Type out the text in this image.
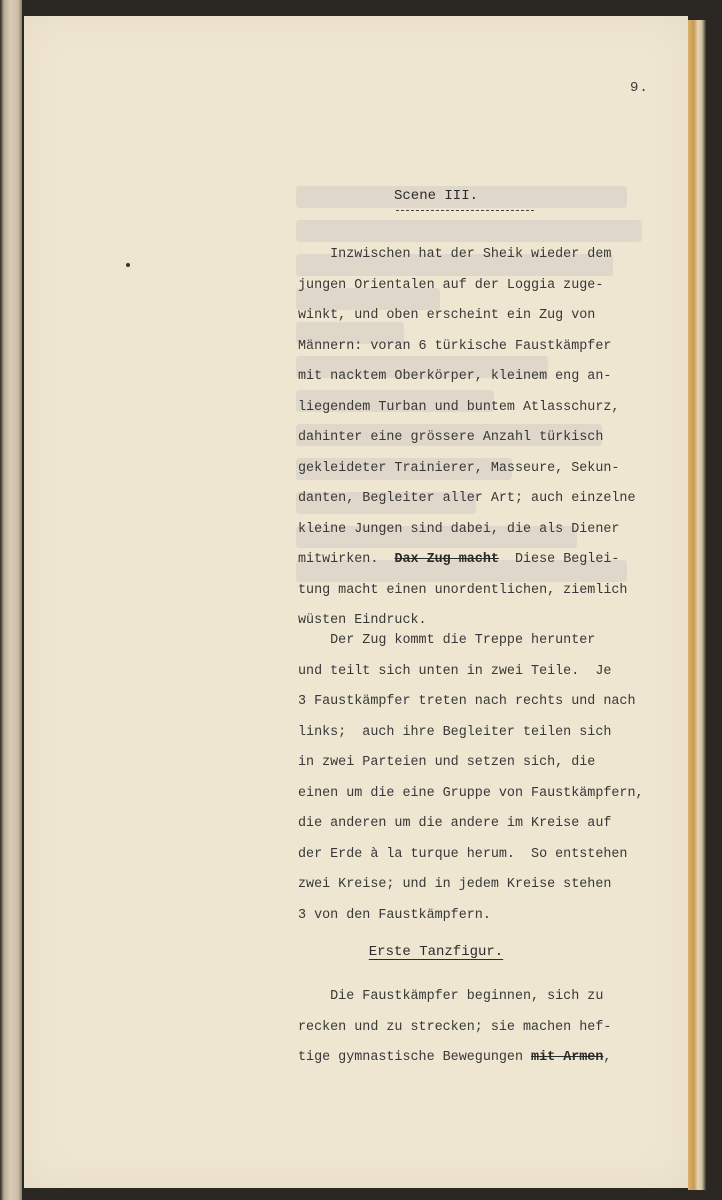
9.
Scene III.
Inzwischen hat der Sheik wieder dem
jungen Orientalen auf der Loggia zuge-
winkt, und oben erscheint ein Zug von
Männern: voran 6 türkische Faustkämpfer
mit nacktem Oberkörper, kleinem eng an-
liegendem Turban und buntem Atlasschurz,
dahinter eine grössere Anzahl türkisch
gekleideter Trainierer, Masseure, Sekun-
danten, Begleiter aller Art; auch einzelne
kleine Jungen sind dabei, die als Diener
mitwirken.  Dax Zug macht  Diese Beglei-
tung macht einen unordentlichen, ziemlich
wüsten Eindruck.
Der Zug kommt die Treppe herunter
und teilt sich unten in zwei Teile.  Je
3 Faustkämpfer treten nach rechts und nach
links;  auch ihre Begleiter teilen sich
in zwei Parteien und setzen sich, die
einen um die eine Gruppe von Faustkämpfern,
die anderen um die andere im Kreise auf
der Erde à la turque herum.  So entstehen
zwei Kreise; und in jedem Kreise stehen
3 von den Faustkämpfern.
Erste Tanzfigur.
Die Faustkämpfer beginnen, sich zu
recken und zu strecken; sie machen hef-
tige gymnastische Bewegungen mit Armen,
